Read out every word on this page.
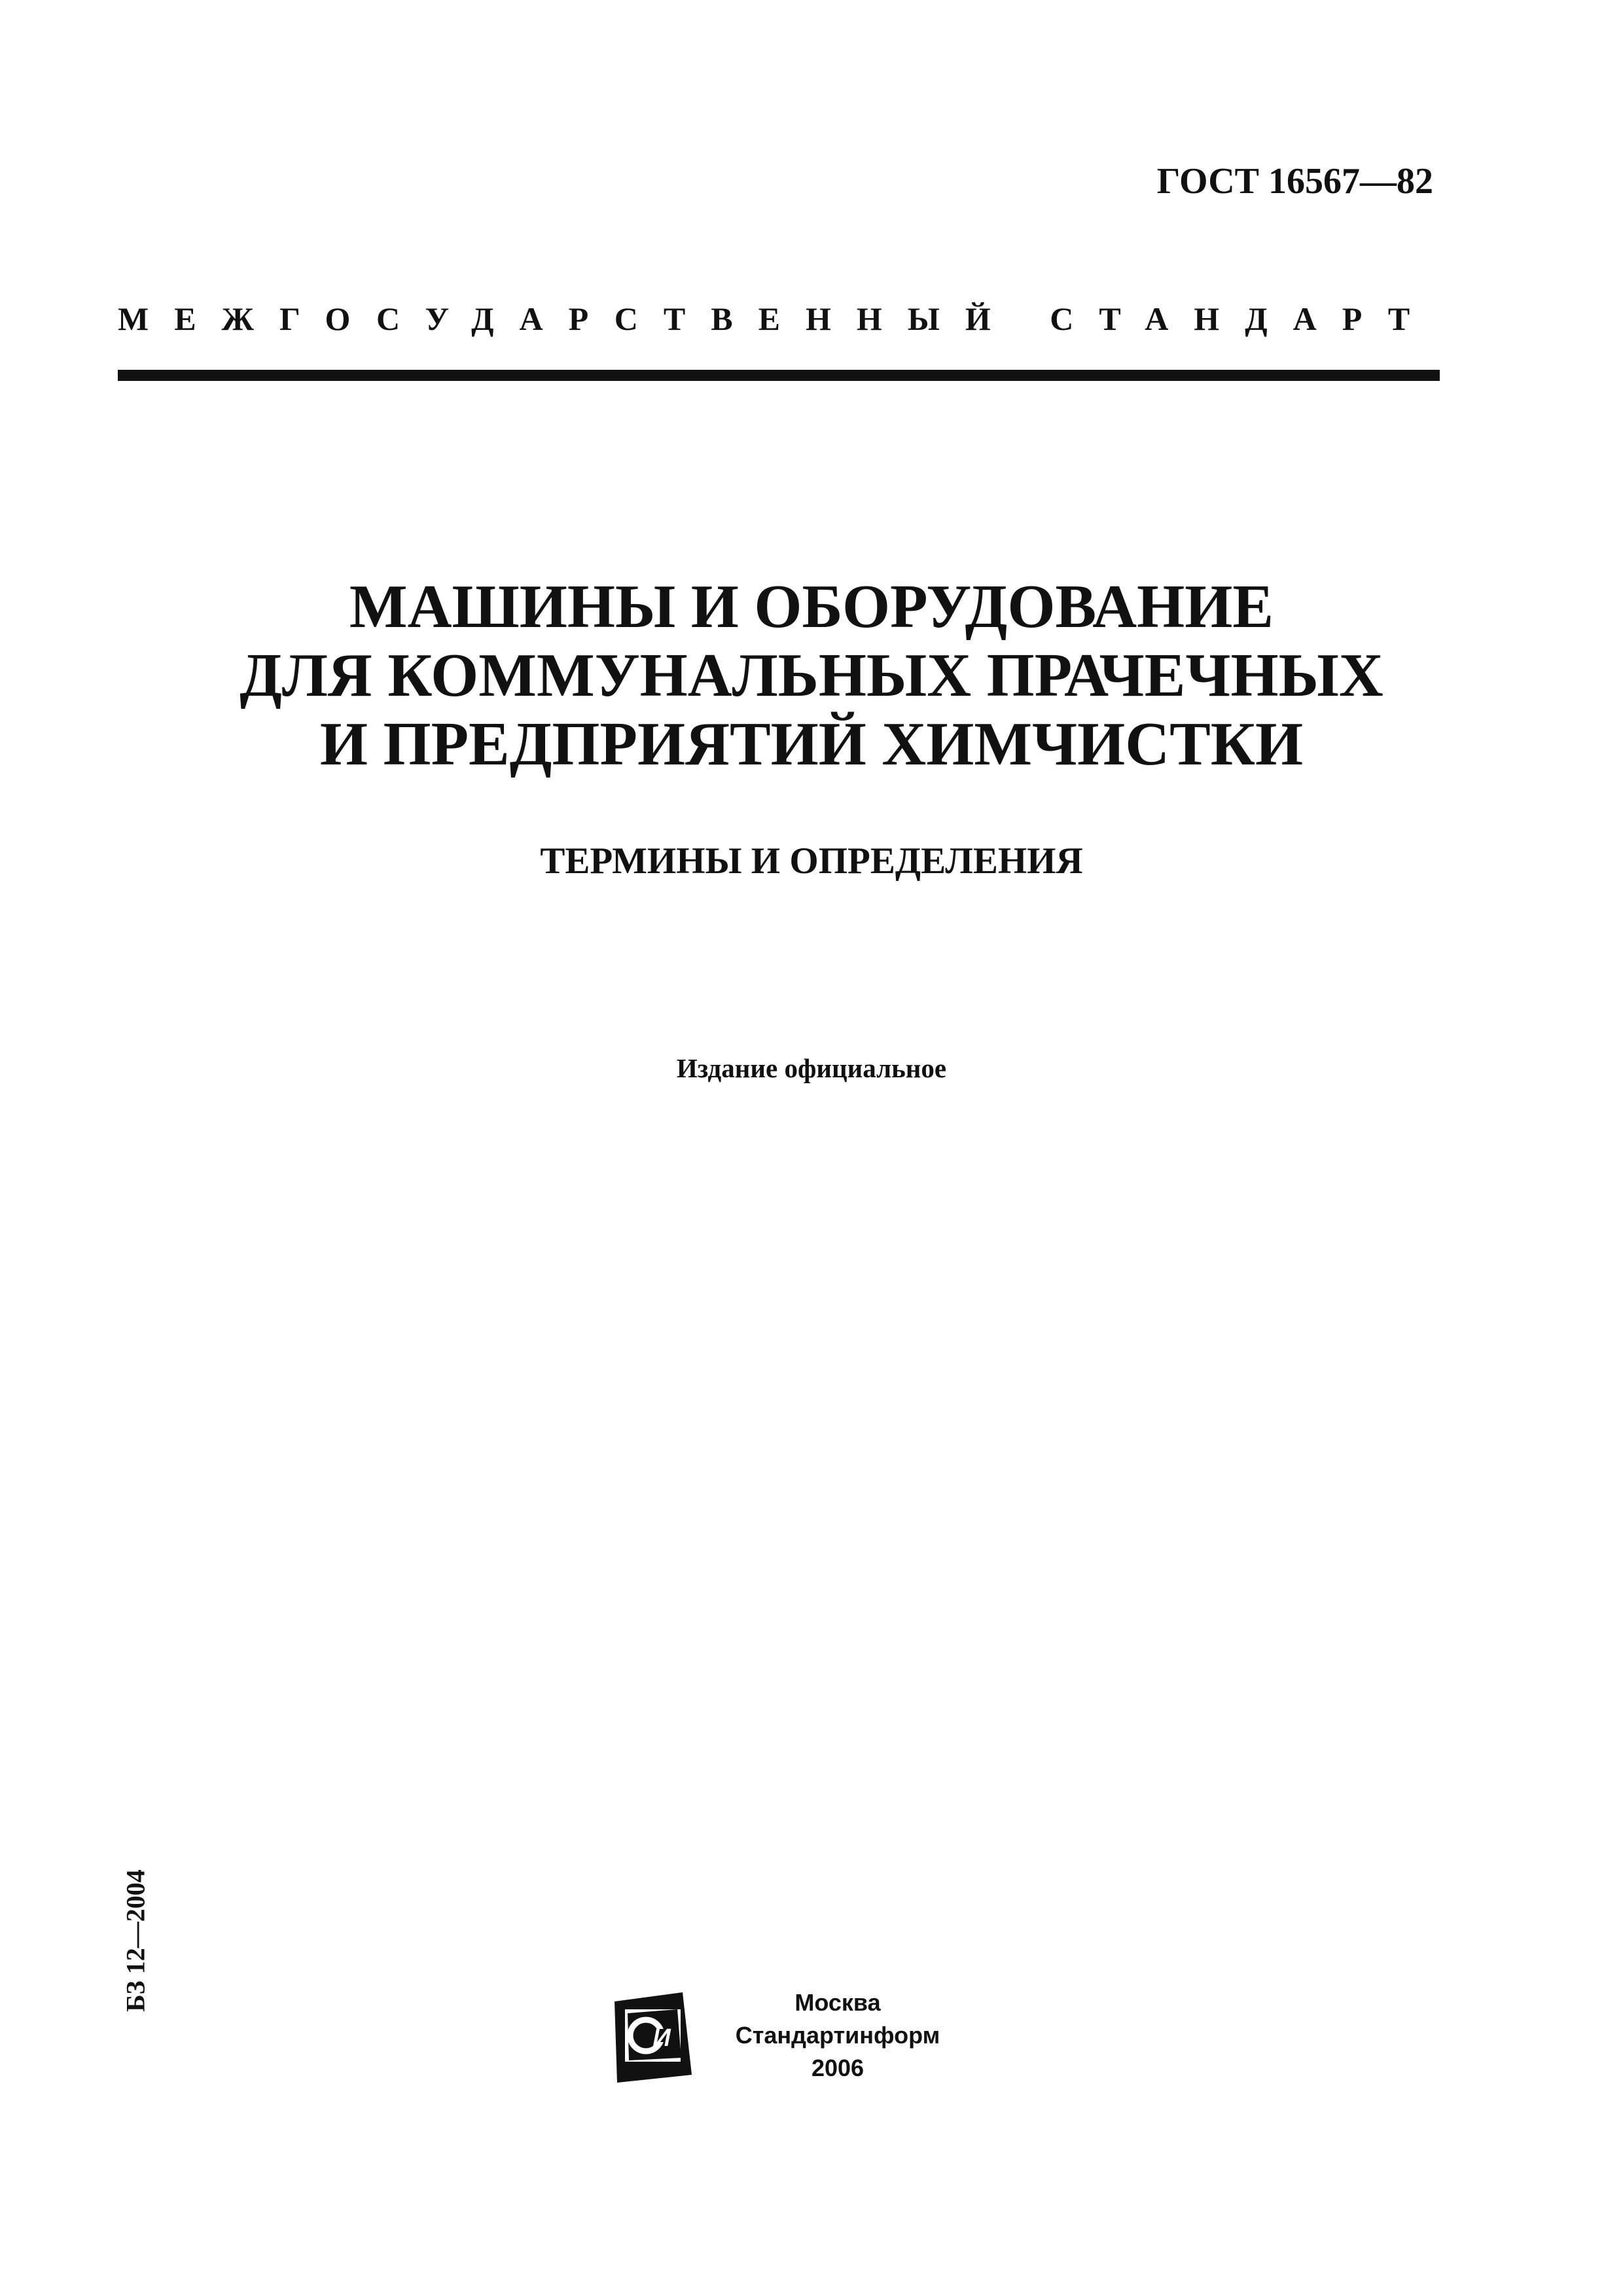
ГОСТ 16567—82
МЕЖГОСУДАРСТВЕННЫЙ СТАНДАРТ
МАШИНЫ И ОБОРУДОВАНИЕ
ДЛЯ КОММУНАЛЬНЫХ ПРАЧЕЧНЫХ
И ПРЕДПРИЯТИЙ ХИМЧИСТКИ
ТЕРМИНЫ И ОПРЕДЕЛЕНИЯ
Издание официальное
БЗ 12—2004
И
Москва
Стандартинформ
2006
